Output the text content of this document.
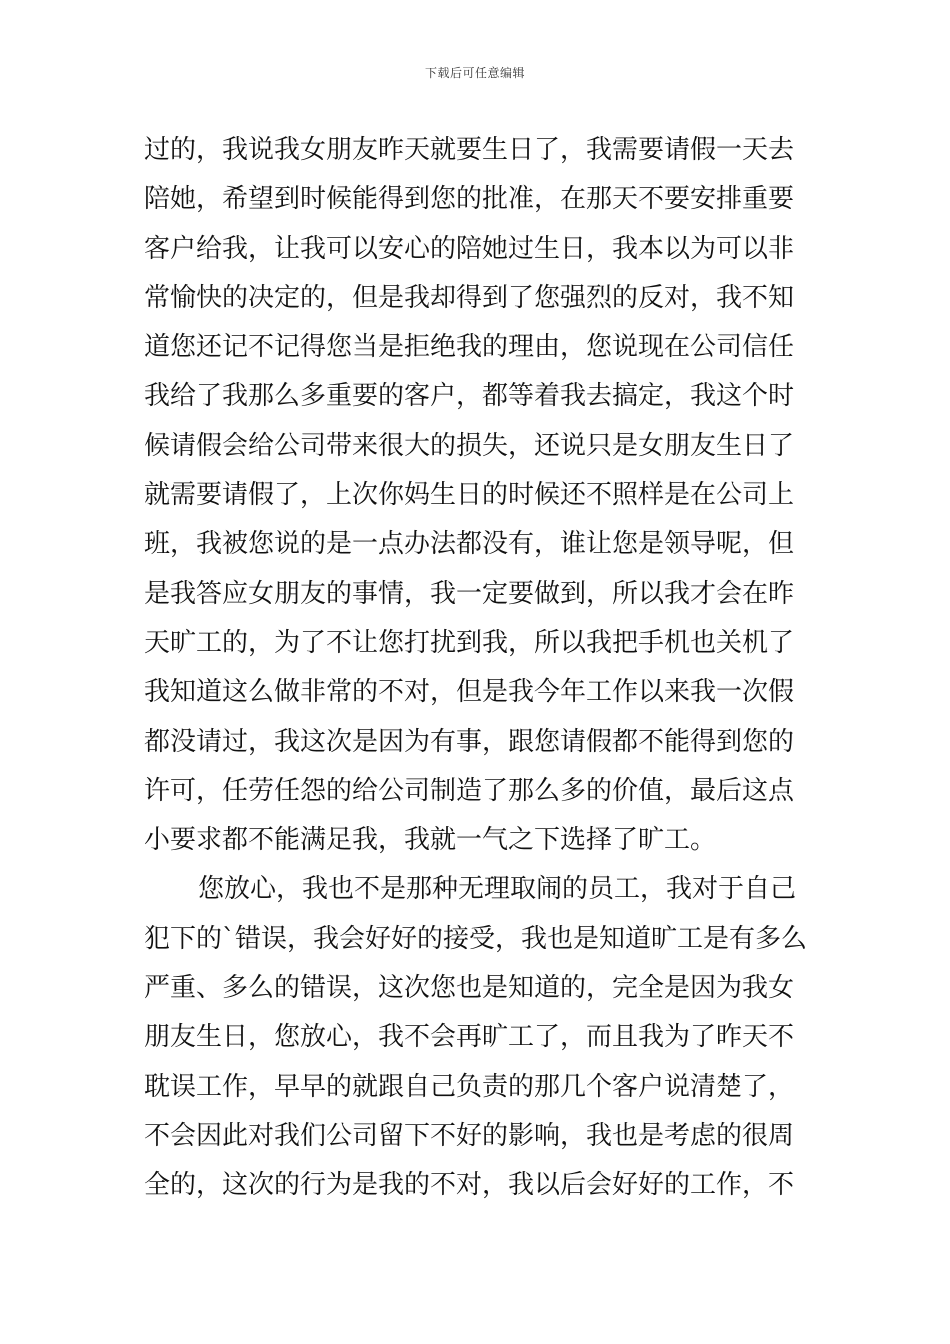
下载后可任意编辑
过的，我说我女朋友昨天就要生日了，我需要请假一天去
陪她，希望到时候能得到您的批准，在那天不要安排重要
客户给我，让我可以安心的陪她过生日，我本以为可以非
常愉快的决定的，但是我却得到了您强烈的反对，我不知
道您还记不记得您当是拒绝我的理由，您说现在公司信任
我给了我那么多重要的客户，都等着我去搞定，我这个时
候请假会给公司带来很大的损失，还说只是女朋友生日了
就需要请假了，上次你妈生日的时候还不照样是在公司上
班，我被您说的是一点办法都没有，谁让您是领导呢，但
是我答应女朋友的事情，我一定要做到，所以我才会在昨
天旷工的，为了不让您打扰到我，所以我把手机也关机了
我知道这么做非常的不对，但是我今年工作以来我一次假
都没请过，我这次是因为有事，跟您请假都不能得到您的
许可，任劳任怨的给公司制造了那么多的价值，最后这点
小要求都不能满足我，我就一气之下选择了旷工。
您放心，我也不是那种无理取闹的员工，我对于自己
犯下的`错误，我会好好的接受，我也是知道旷工是有多么
严重、多么的错误，这次您也是知道的，完全是因为我女
朋友生日，您放心，我不会再旷工了，而且我为了昨天不
耽误工作，早早的就跟自己负责的那几个客户说清楚了，
不会因此对我们公司留下不好的影响，我也是考虑的很周
全的，这次的行为是我的不对，我以后会好好的工作，不
